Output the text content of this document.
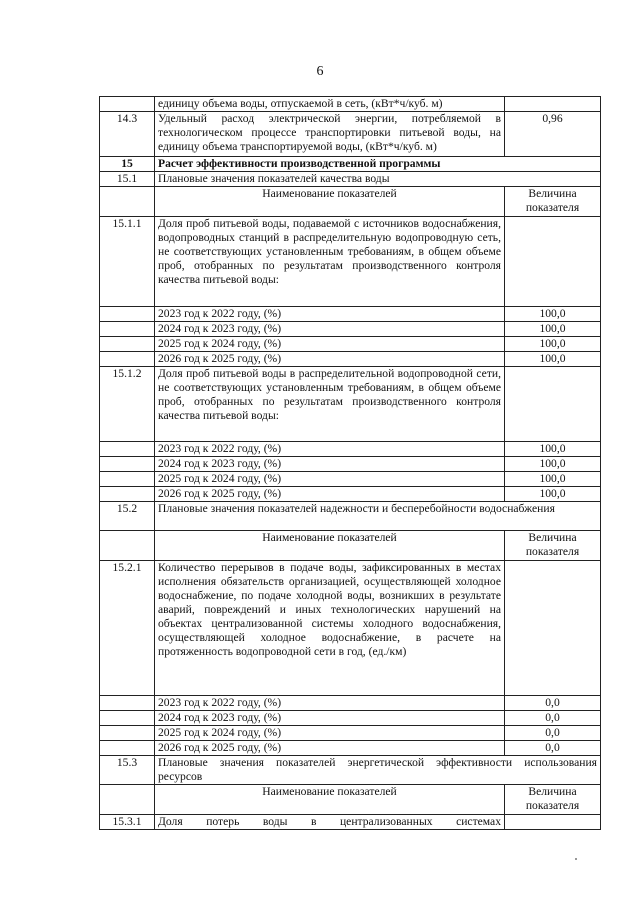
6
	единицу объема воды, отпускаемой в сеть, (кВт*ч/куб. м)	
14.3	Удельный расход электрической энергии, потребляемой в технологическом процессе транспортировки питьевой воды, на единицу объема транспортируемой воды, (кВт*ч/куб. м)	0,96
15	Расчет эффективности производственной программы	
15.1	Плановые значения показателей качества воды	
	Наименование показателей	Величина показателя
15.1.1	Доля проб питьевой воды, подаваемой с источников водоснабжения, водопроводных станций в распределительную водопроводную сеть, не соответствующих установленным требованиям, в общем объеме проб, отобранных по результатам производственного контроля качества питьевой воды:	
	2023 год к 2022 году, (%)	100,0
	2024 год к 2023 году, (%)	100,0
	2025 год к 2024 году, (%)	100,0
	2026 год к 2025 году, (%)	100,0
15.1.2	Доля проб питьевой воды в распределительной водопроводной сети, не соответствующих установленным требованиям, в общем объеме проб, отобранных по результатам производственного контроля качества питьевой воды:	
	2023 год к 2022 году, (%)	100,0
	2024 год к 2023 году, (%)	100,0
	2025 год к 2024 году, (%)	100,0
	2026 год к 2025 году, (%)	100,0
15.2	Плановые значения показателей надежности и бесперебойности водоснабжения	
	Наименование показателей	Величина показателя
15.2.1	Количество перерывов в подаче воды, зафиксированных в местах исполнения обязательств организацией, осуществляющей холодное водоснабжение, по подаче холодной воды, возникших в результате аварий, повреждений и иных технологических нарушений на объектах централизованной системы холодного водоснабжения, осуществляющей холодное водоснабжение, в расчете на протяженность водопроводной сети в год, (ед./км)	
	2023 год к 2022 году, (%)	0,0
	2024 год к 2023 году, (%)	0,0
	2025 год к 2024 году, (%)	0,0
	2026 год к 2025 году, (%)	0,0
15.3	Плановые значения показателей энергетической эффективности использования ресурсов	
	Наименование показателей	Величина показателя
15.3.1	Доля потерь воды в централизованных системах	
